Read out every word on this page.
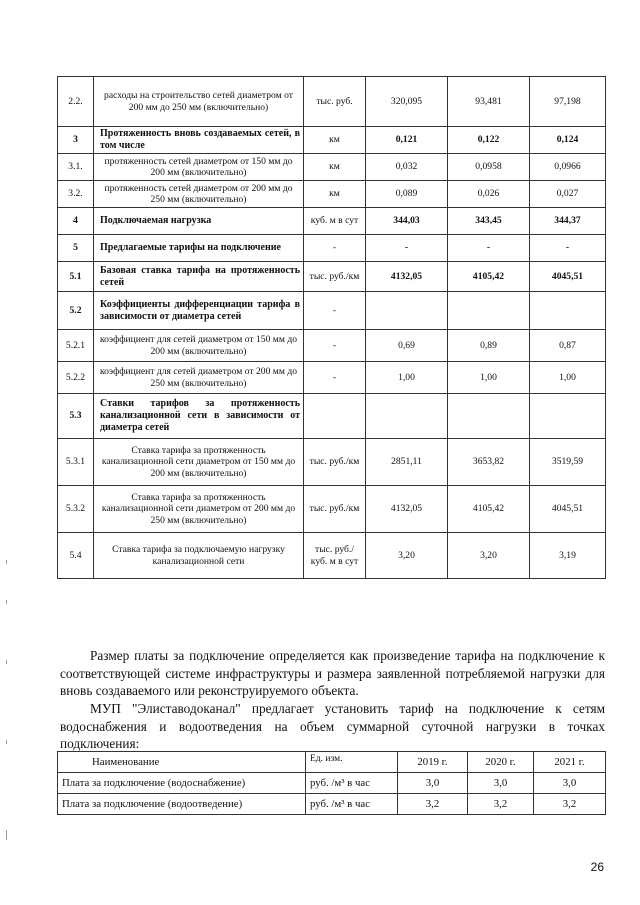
2.2.	расходы на строительство сетей диаметром от 200 мм до 250 мм (включительно)	тыс. руб.	320,095	93,481	97,198
3	Протяженность вновь создаваемых сетей, в том числе	км	0,121	0,122	0,124
3.1.	протяженность сетей диаметром от 150 мм до 200 мм (включительно)	км	0,032	0,0958	0,0966
3.2.	протяженность сетей диаметром от 200 мм до 250 мм (включительно)	км	0,089	0,026	0,027
4	Подключаемая нагрузка	куб. м в сут	344,03	343,45	344,37
5	Предлагаемые тарифы на подключение	-	-	-	-
5.1	Базовая ставка тарифа на протяженность сетей	тыс. руб./км	4132,05	4105,42	4045,51
5.2	Коэффициенты дифференциации тарифа в зависимости от диаметра сетей	-			
5.2.1	коэффициент для сетей диаметром от 150 мм до 200 мм (включительно)	-	0,69	0,89	0,87
5.2.2	коэффициент для сетей диаметром от 200 мм до 250 мм (включительно)	-	1,00	1,00	1,00
5.3	Ставки тарифов за протяженность канализационной сети в зависимости от диаметра сетей				
5.3.1	Ставка тарифа за протяженность канализационной сети диаметром от 150 мм до 200 мм (включительно)	тыс. руб./км	2851,11	3653,82	3519,59
5.3.2	Ставка тарифа за протяженность канализационной сети диаметром от 200 мм до 250 мм (включительно)	тыс. руб./км	4132,05	4105,42	4045,51
5.4	Ставка тарифа за подключаемую нагрузку канализационной сети	тыс. руб./ куб. м в сут	3,20	3,20	3,19

Размер платы за подключение определяется как произведение тарифа на подключение к соответствующей системе инфраструктуры и размера заявленной потребляемой нагрузки для вновь создаваемого или реконструируемого объекта.

МУП "Элиставодоканал" предлагает установить тариф на подключение к сетям водоснабжения и водоотведения на объем суммарной суточной нагрузки в точках подключения:

Наименование	Ед. изм.	2019 г.	2020 г.	2021 г.
Плата за подключение (водоснабжение)	руб. /м³ в час	3,0	3,0	3,0
Плата за подключение (водоотведение)	руб. /м³ в час	3,2	3,2	3,2
26
